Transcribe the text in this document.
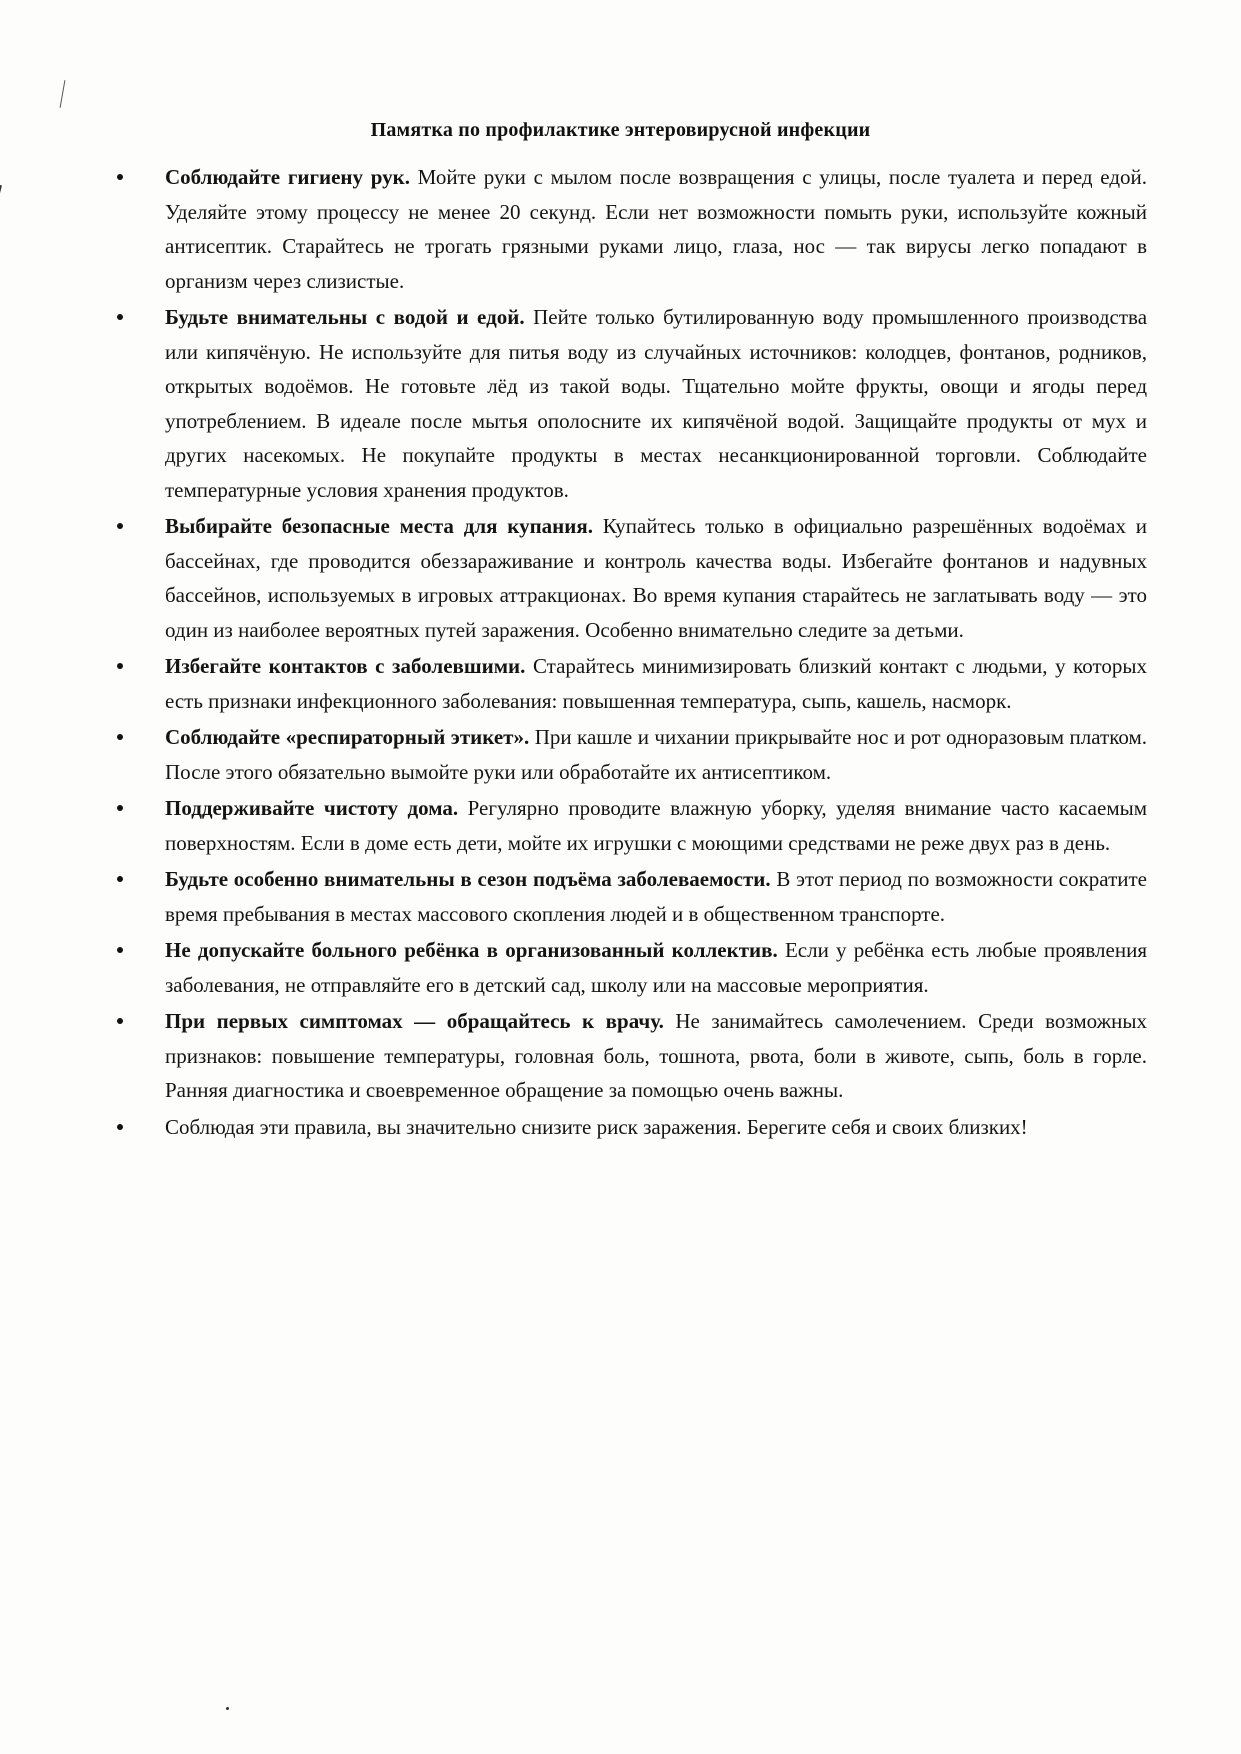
Памятка по профилактике энтеровирусной инфекции
Соблюдайте гигиену рук. Мойте руки с мылом после возвращения с улицы, после туалета и перед едой. Уделяйте этому процессу не менее 20 секунд. Если нет возможности помыть руки, используйте кожный антисептик. Старайтесь не трогать грязными руками лицо, глаза, нос — так вирусы легко попадают в организм через слизистые.
Будьте внимательны с водой и едой. Пейте только бутилированную воду промышленного производства или кипячёную. Не используйте для питья воду из случайных источников: колодцев, фонтанов, родников, открытых водоёмов. Не готовьте лёд из такой воды. Тщательно мойте фрукты, овощи и ягоды перед употреблением. В идеале после мытья ополосните их кипячёной водой. Защищайте продукты от мух и других насекомых. Не покупайте продукты в местах несанкционированной торговли. Соблюдайте температурные условия хранения продуктов.
Выбирайте безопасные места для купания. Купайтесь только в официально разрешённых водоёмах и бассейнах, где проводится обеззараживание и контроль качества воды. Избегайте фонтанов и надувных бассейнов, используемых в игровых аттракционах. Во время купания старайтесь не заглатывать воду — это один из наиболее вероятных путей заражения. Особенно внимательно следите за детьми.
Избегайте контактов с заболевшими. Старайтесь минимизировать близкий контакт с людьми, у которых есть признаки инфекционного заболевания: повышенная температура, сыпь, кашель, насморк.
Соблюдайте «респираторный этикет». При кашле и чихании прикрывайте нос и рот одноразовым платком. После этого обязательно вымойте руки или обработайте их антисептиком.
Поддерживайте чистоту дома. Регулярно проводите влажную уборку, уделяя внимание часто касаемым поверхностям. Если в доме есть дети, мойте их игрушки с моющими средствами не реже двух раз в день.
Будьте особенно внимательны в сезон подъёма заболеваемости. В этот период по возможности сократите время пребывания в местах массового скопления людей и в общественном транспорте.
Не допускайте больного ребёнка в организованный коллектив. Если у ребёнка есть любые проявления заболевания, не отправляйте его в детский сад, школу или на массовые мероприятия.
При первых симптомах — обращайтесь к врачу. Не занимайтесь самолечением. Среди возможных признаков: повышение температуры, головная боль, тошнота, рвота, боли в животе, сыпь, боль в горле. Ранняя диагностика и своевременное обращение за помощью очень важны.
Соблюдая эти правила, вы значительно снизите риск заражения. Берегите себя и своих близких!
